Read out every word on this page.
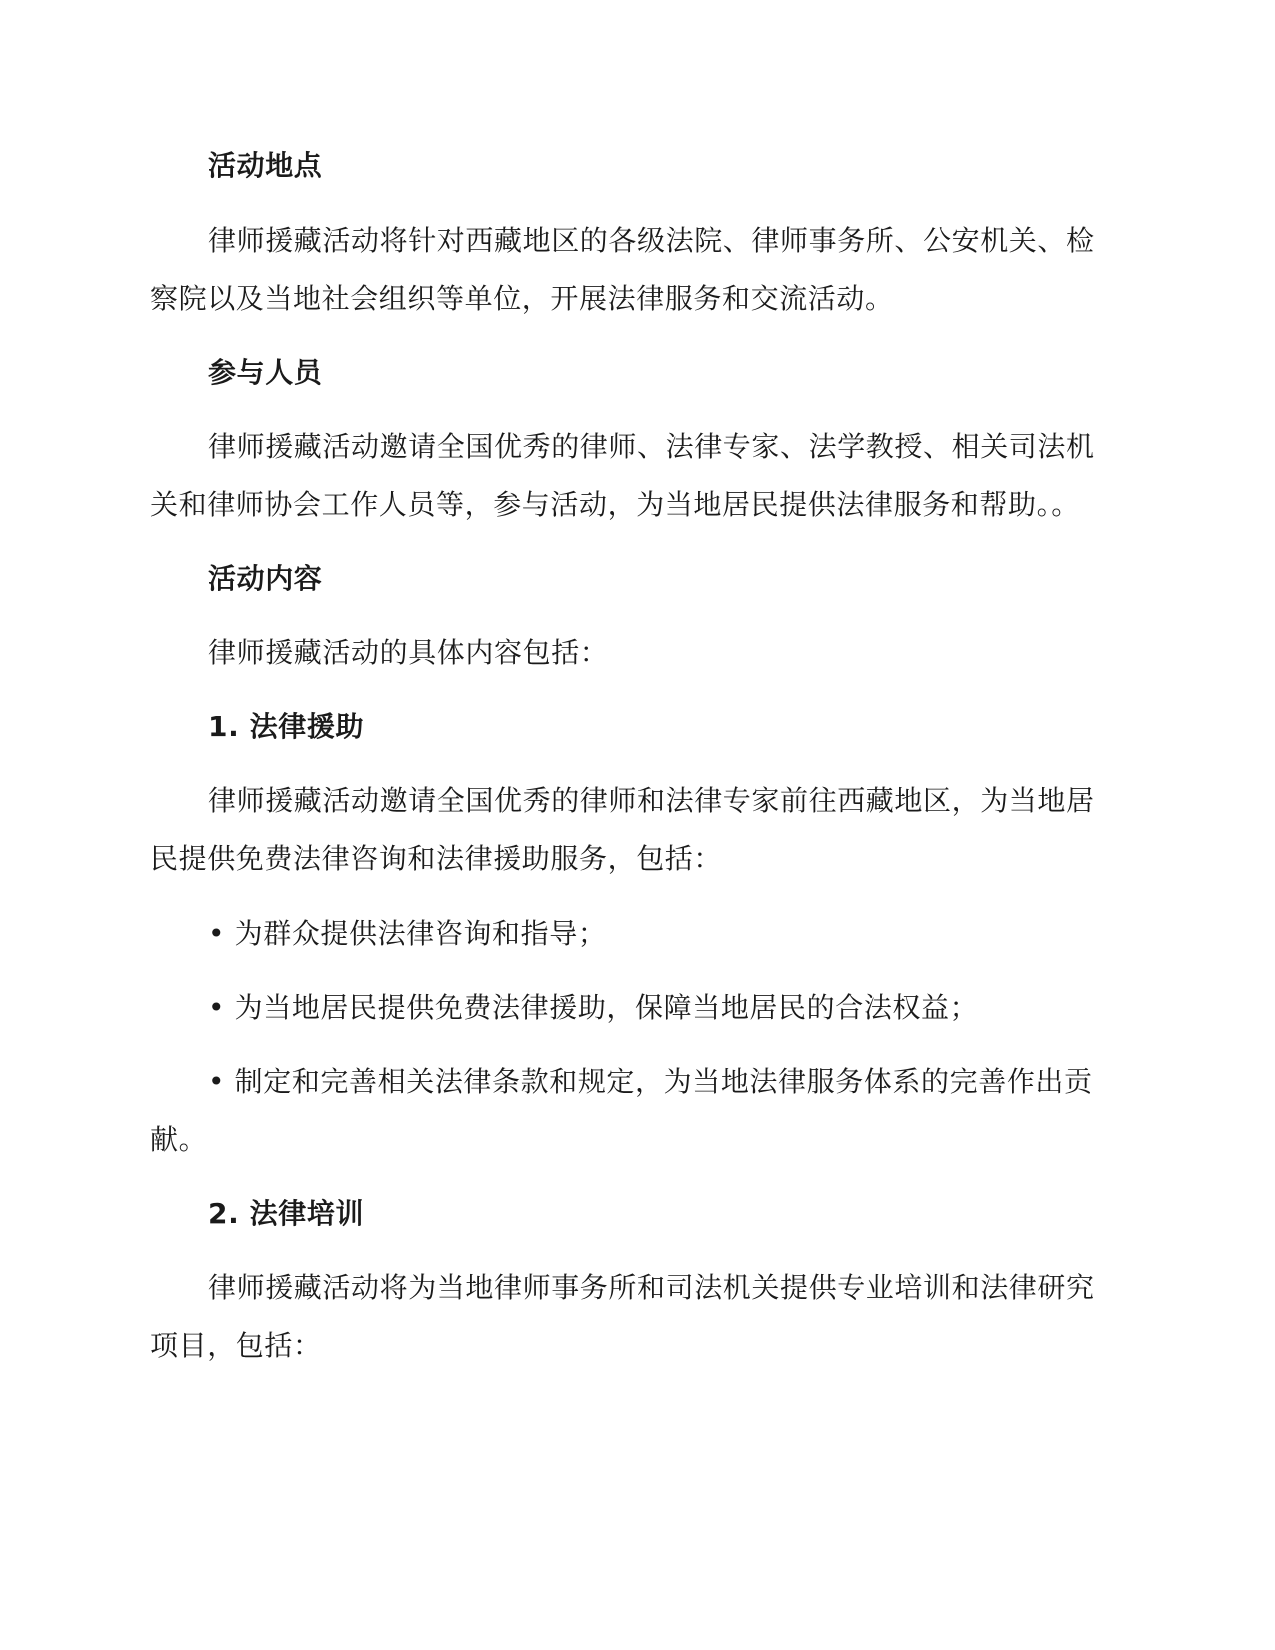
活动地点
律师援藏活动将针对西藏地区的各级法院、律师事务所、公安机关、检
察院以及当地社会组织等单位，开展法律服务和交流活动。
参与人员
律师援藏活动邀请全国优秀的律师、法律专家、法学教授、相关司法机
关和律师协会工作人员等，参与活动，为当地居民提供法律服务和帮助。。
活动内容
律师援藏活动的具体内容包括：
1. 法律援助
律师援藏活动邀请全国优秀的律师和法律专家前往西藏地区，为当地居
民提供免费法律咨询和法律援助服务，包括：
• 为群众提供法律咨询和指导；
• 为当地居民提供免费法律援助，保障当地居民的合法权益；
• 制定和完善相关法律条款和规定，为当地法律服务体系的完善作出贡
献。
2. 法律培训
律师援藏活动将为当地律师事务所和司法机关提供专业培训和法律研究
项目，包括：
